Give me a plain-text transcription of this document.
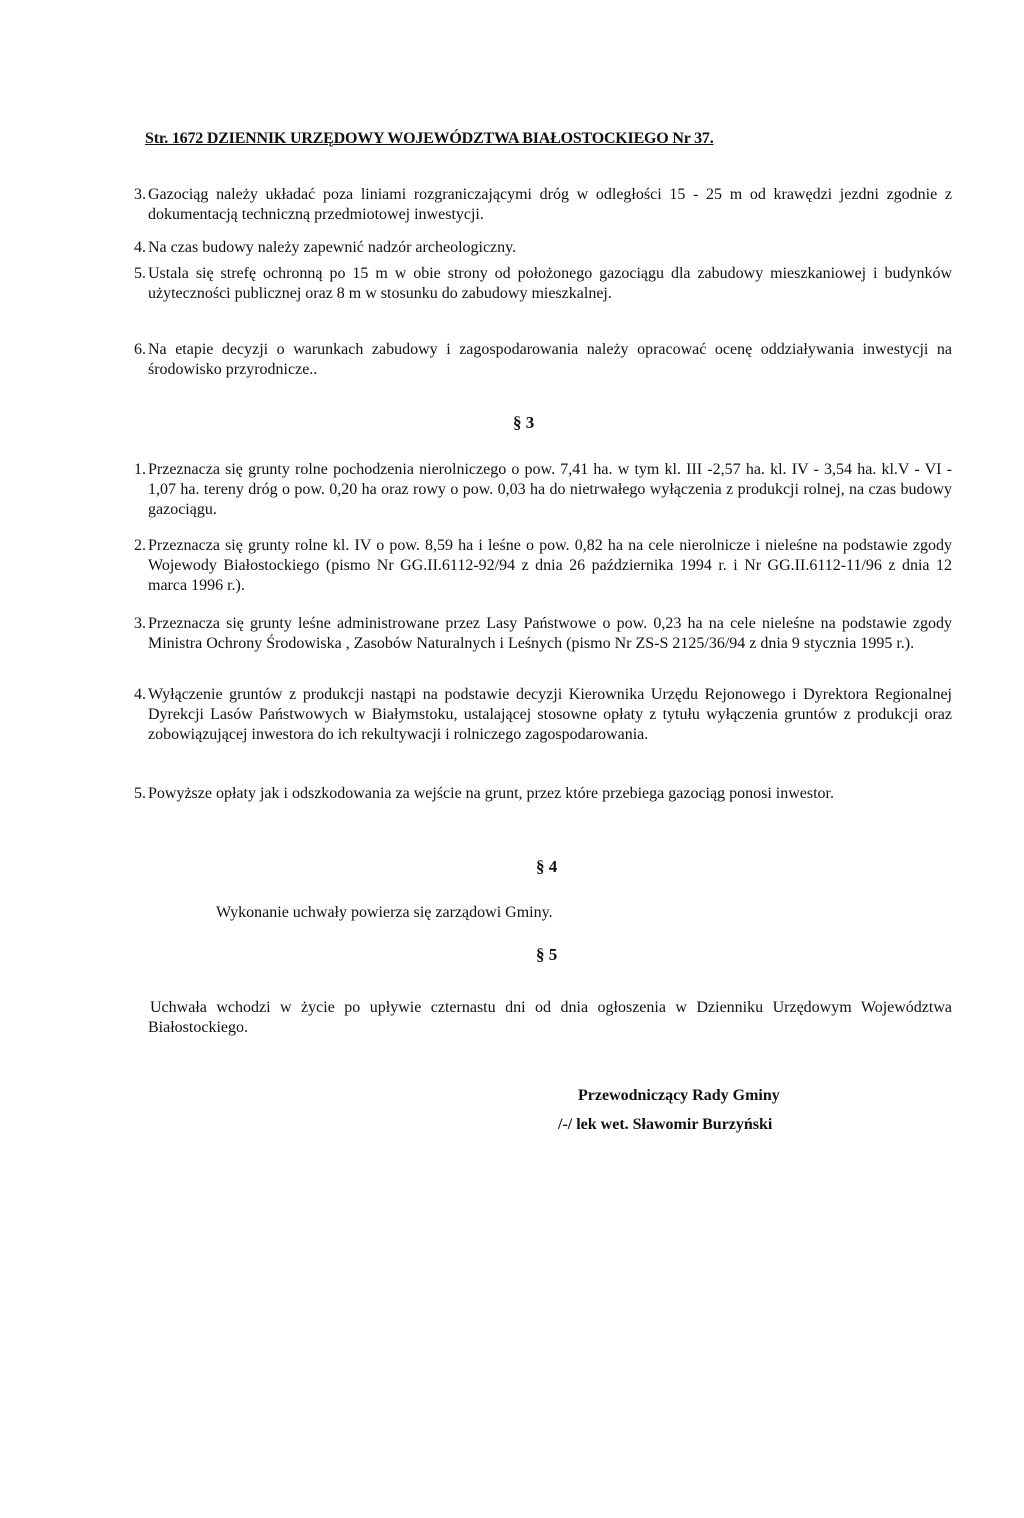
Str. 1672 DZIENNIK URZĘDOWY WOJEWÓDZTWA BIAŁOSTOCKIEGO Nr 37.
3. Gazociąg należy układać poza liniami rozgraniczającymi dróg w odległości 15 - 25 m od krawędzi jezdni zgodnie z dokumentacją techniczną przedmiotowej inwestycji.
4. Na czas budowy należy zapewnić nadzór archeologiczny.
5. Ustala się strefę ochronną po 15 m w obie strony od położonego gazociągu dla zabudowy mieszkaniowej i budynków użyteczności publicznej oraz 8 m w stosunku do zabudowy mieszkalnej.
6. Na etapie decyzji o warunkach zabudowy i zagospodarowania należy opracować ocenę oddziaływania inwestycji na środowisko przyrodnicze..
§ 3
1. Przeznacza się grunty rolne pochodzenia nierolniczego o pow. 7,41 ha. w tym kl. III -2,57 ha. kl. IV - 3,54 ha. kl.V - VI - 1,07 ha. tereny dróg o pow. 0,20 ha oraz rowy o pow. 0,03 ha do nietrwałego wyłączenia z produkcji rolnej, na czas budowy gazociągu.
2. Przeznacza się grunty rolne kl. IV o pow. 8,59 ha i leśne o pow. 0,82 ha na cele nierolnicze i nieleśne na podstawie zgody Wojewody Białostockiego (pismo Nr GG.II.6112-92/94 z dnia 26 października 1994 r. i Nr GG.II.6112-11/96 z dnia 12 marca 1996 r.).
3. Przeznacza się grunty leśne administrowane przez Lasy Państwowe o pow. 0,23 ha na cele nieleśne na podstawie zgody Ministra Ochrony Środowiska , Zasobów Naturalnych i Leśnych (pismo Nr ZS-S 2125/36/94 z dnia 9 stycznia 1995 r.).
4. Wyłączenie gruntów z produkcji nastąpi na podstawie decyzji Kierownika Urzędu Rejonowego i Dyrektora Regionalnej Dyrekcji Lasów Państwowych w Białymstoku, ustalającej stosowne opłaty z tytułu wyłączenia gruntów z produkcji oraz zobowiązującej inwestora do ich rekultywacji i rolniczego zagospodarowania.
5. Powyższe opłaty jak i odszkodowania za wejście na grunt, przez które przebiega gazociąg ponosi inwestor.
§ 4
Wykonanie uchwały powierza się zarządowi Gminy.
§ 5
Uchwała wchodzi w życie po upływie czternastu dni od dnia ogłoszenia w Dzienniku Urzędowym Województwa Białostockiego.
Przewodniczący Rady Gminy
/-/ lek wet. Sławomir Burzyński
